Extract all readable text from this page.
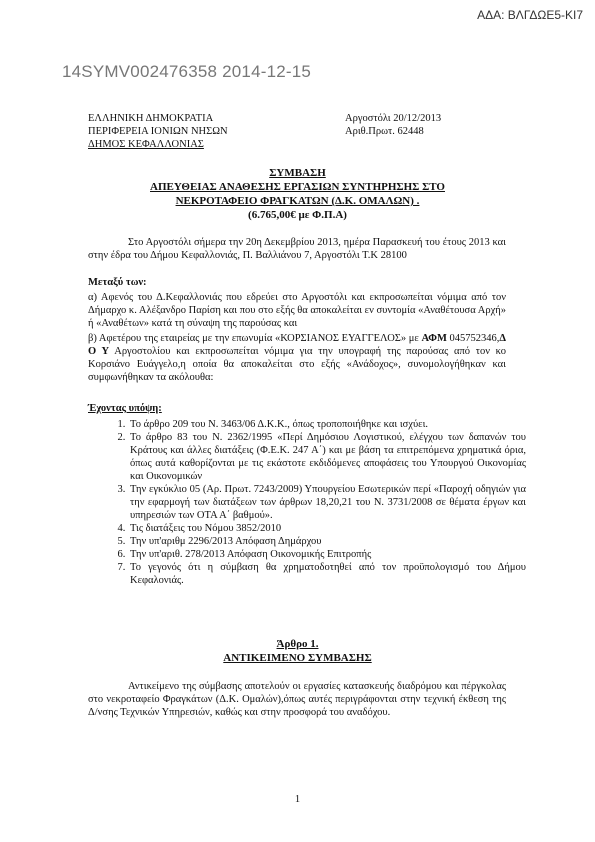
ΑΔΑ: ΒΛΓΔΩΕ5-ΚΙ7
14SYMV002476358 2014-12-15
ΕΛΛΗΝΙΚΗ ΔΗΜΟΚΡΑΤΙΑ
ΠΕΡΙΦΕΡΕΙΑ ΙΟΝΙΩΝ ΝΗΣΩΝ
ΔΗΜΟΣ ΚΕΦΑΛΛΟΝΙΑΣ
Αργοστόλι 20/12/2013
Αριθ.Πρωτ. 62448
ΣΥΜΒΑΣΗ
ΑΠΕΥΘΕΙΑΣ ΑΝΑΘΕΣΗΣ ΕΡΓΑΣΙΩΝ ΣΥΝΤΗΡΗΣΗΣ ΣΤΟ
ΝΕΚΡΟΤΑΦΕΙΟ ΦΡΑΓΚΑΤΩΝ (Δ.Κ. ΟΜΑΛΩΝ) .
(6.765,00€ με Φ.Π.Α)
Στο Αργοστόλι σήμερα την 20η Δεκεμβρίου 2013, ημέρα Παρασκευή του έτους 2013 και στην έδρα του Δήμου Κεφαλλονιάς, Π. Βαλλιάνου 7, Αργοστόλι Τ.Κ 28100
Μεταξύ των:
α) Αφενός του Δ.Κεφαλλονιάς που εδρεύει στο Αργοστόλι και εκπροσωπείται νόμιμα από τον Δήμαρχο κ. Αλέξανδρο Παρίση και που στο εξής θα αποκαλείται εν συντομία «Αναθέτουσα Αρχή» ή «Αναθέτων» κατά τη σύναψη της παρούσας και
β) Αφετέρου της εταιρείας με την επωνυμία «ΚΟΡΣΙΑΝΟΣ ΕΥΑΓΓΕΛΟΣ» με ΑΦΜ 045752346,Δ Ο Υ Αργοστολίου και εκπροσωπείται νόμιμα για την υπογραφή της παρούσας από τον κο Κορσιάνο Ευάγγελο,η οποία θα αποκαλείται στο εξής «Ανάδοχος», συνομολογήθηκαν και συμφωνήθηκαν τα ακόλουθα:
Έχοντας υπόψη:
1. Το άρθρο 209 του Ν. 3463/06 Δ.Κ.Κ., όπως τροποποιήθηκε και ισχύει.
2. Το άρθρο 83 του Ν. 2362/1995 «Περί Δημόσιου Λογιστικού, ελέγχου των δαπανών του Κράτους και άλλες διατάξεις (Φ.Ε.Κ. 247 Α΄) και με βάση τα επιτρεπόμενα χρηματικά όρια, όπως αυτά καθορίζονται με τις εκάστοτε εκδιδόμενες αποφάσεις του Υπουργού Οικονομίας και Οικονομικών
3. Την εγκύκλιο 05 (Αρ. Πρωτ. 7243/2009) Υπουργείου Εσωτερικών περί «Παροχή οδηγιών για την εφαρμογή των διατάξεων των άρθρων 18,20,21 του Ν. 3731/2008 σε θέματα έργων και υπηρεσιών των ΟΤΑ Α΄ βαθμού».
4. Τις διατάξεις του Νόμου 3852/2010
5. Την υπ'αριθμ 2296/2013 Απόφαση Δημάρχου
6. Την υπ'αριθ. 278/2013 Απόφαση Οικονομικής Επιτροπής
7. Το γεγονός ότι η σύμβαση θα χρηματοδοτηθεί από τον προϋπολογισμό του Δήμου Κεφαλονιάς.
Άρθρο 1.
ΑΝΤΙΚΕΙΜΕΝΟ ΣΥΜΒΑΣΗΣ
Αντικείμενο της σύμβασης αποτελούν οι εργασίες κατασκευής διαδρόμου και πέργκολας στο νεκροταφείο Φραγκάτων (Δ.Κ. Ομαλών),όπως αυτές περιγράφονται στην τεχνική έκθεση της Δ/νσης Τεχνικών Υπηρεσιών, καθώς και στην προσφορά του αναδόχου.
1
